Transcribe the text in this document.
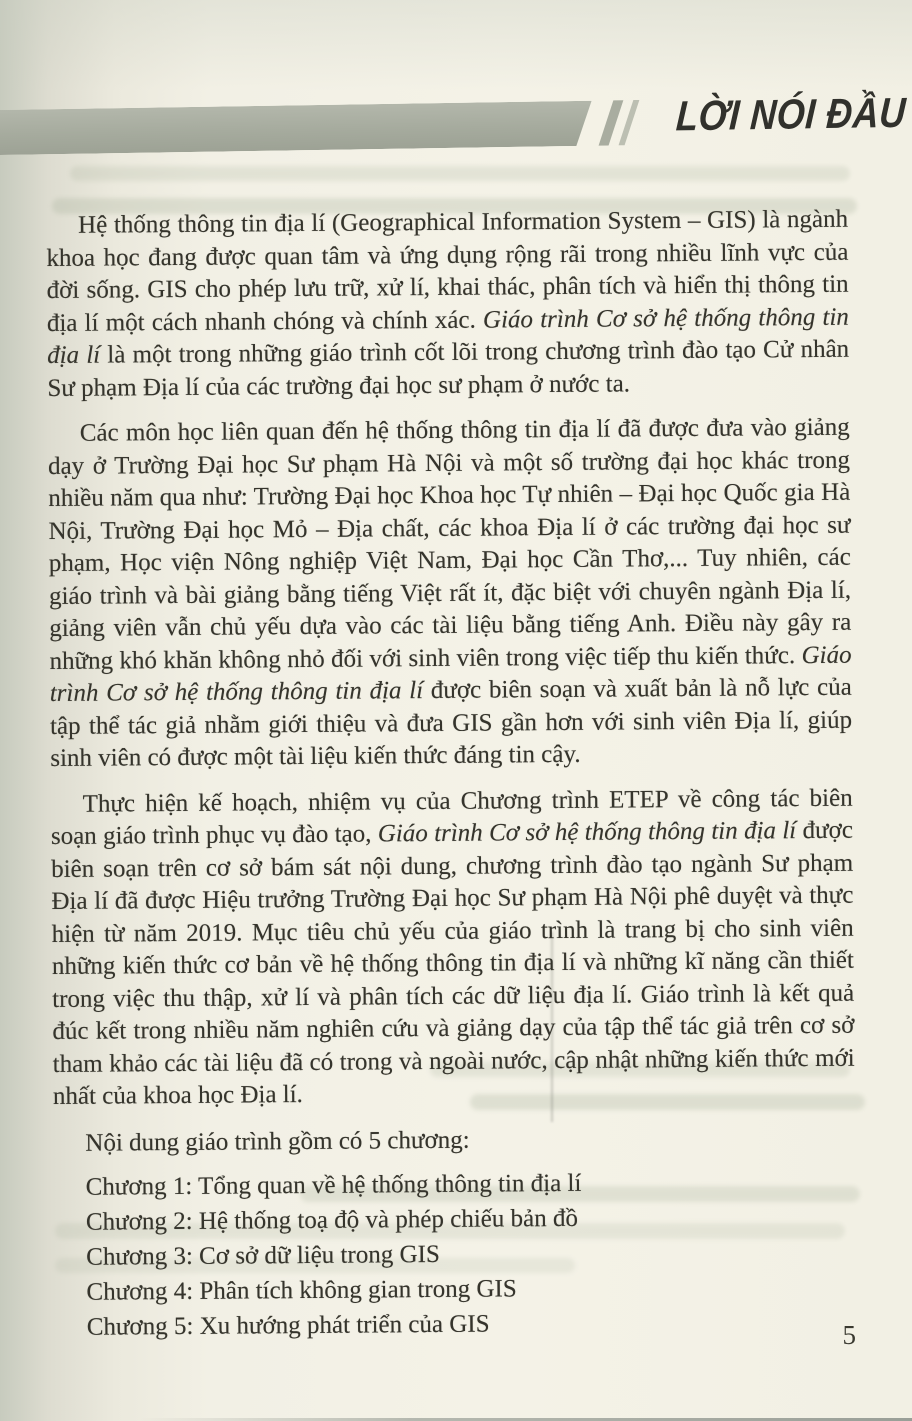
LỜI NÓI ĐẦU

Hệ thống thông tin địa lí (Geographical Information System – GIS) là ngành khoa học đang được quan tâm và ứng dụng rộng rãi trong nhiều lĩnh vực của đời sống. GIS cho phép lưu trữ, xử lí, khai thác, phân tích và hiển thị thông tin địa lí một cách nhanh chóng và chính xác. Giáo trình Cơ sở hệ thống thông tin địa lí là một trong những giáo trình cốt lõi trong chương trình đào tạo Cử nhân Sư phạm Địa lí của các trường đại học sư phạm ở nước ta.

Các môn học liên quan đến hệ thống thông tin địa lí đã được đưa vào giảng dạy ở Trường Đại học Sư phạm Hà Nội và một số trường đại học khác trong nhiều năm qua như: Trường Đại học Khoa học Tự nhiên – Đại học Quốc gia Hà Nội, Trường Đại học Mỏ – Địa chất, các khoa Địa lí ở các trường đại học sư phạm, Học viện Nông nghiệp Việt Nam, Đại học Cần Thơ,... Tuy nhiên, các giáo trình và bài giảng bằng tiếng Việt rất ít, đặc biệt với chuyên ngành Địa lí, giảng viên vẫn chủ yếu dựa vào các tài liệu bằng tiếng Anh. Điều này gây ra những khó khăn không nhỏ đối với sinh viên trong việc tiếp thu kiến thức. Giáo trình Cơ sở hệ thống thông tin địa lí được biên soạn và xuất bản là nỗ lực của tập thể tác giả nhằm giới thiệu và đưa GIS gần hơn với sinh viên Địa lí, giúp sinh viên có được một tài liệu kiến thức đáng tin cậy.

Thực hiện kế hoạch, nhiệm vụ của Chương trình ETEP về công tác biên soạn giáo trình phục vụ đào tạo, Giáo trình Cơ sở hệ thống thông tin địa lí được biên soạn trên cơ sở bám sát nội dung, chương trình đào tạo ngành Sư phạm Địa lí đã được Hiệu trưởng Trường Đại học Sư phạm Hà Nội phê duyệt và thực hiện từ năm 2019. Mục tiêu chủ yếu của giáo trình là trang bị cho sinh viên những kiến thức cơ bản về hệ thống thông tin địa lí và những kĩ năng cần thiết trong việc thu thập, xử lí và phân tích các dữ liệu địa lí. Giáo trình là kết quả đúc kết trong nhiều năm nghiên cứu và giảng dạy của tập thể tác giả trên cơ sở tham khảo các tài liệu đã có trong và ngoài nước, cập nhật những kiến thức mới nhất của khoa học Địa lí.

Nội dung giáo trình gồm có 5 chương:

Chương 1: Tổng quan về hệ thống thông tin địa lí
Chương 2: Hệ thống toạ độ và phép chiếu bản đồ
Chương 3: Cơ sở dữ liệu trong GIS
Chương 4: Phân tích không gian trong GIS
Chương 5: Xu hướng phát triển của GIS	5
